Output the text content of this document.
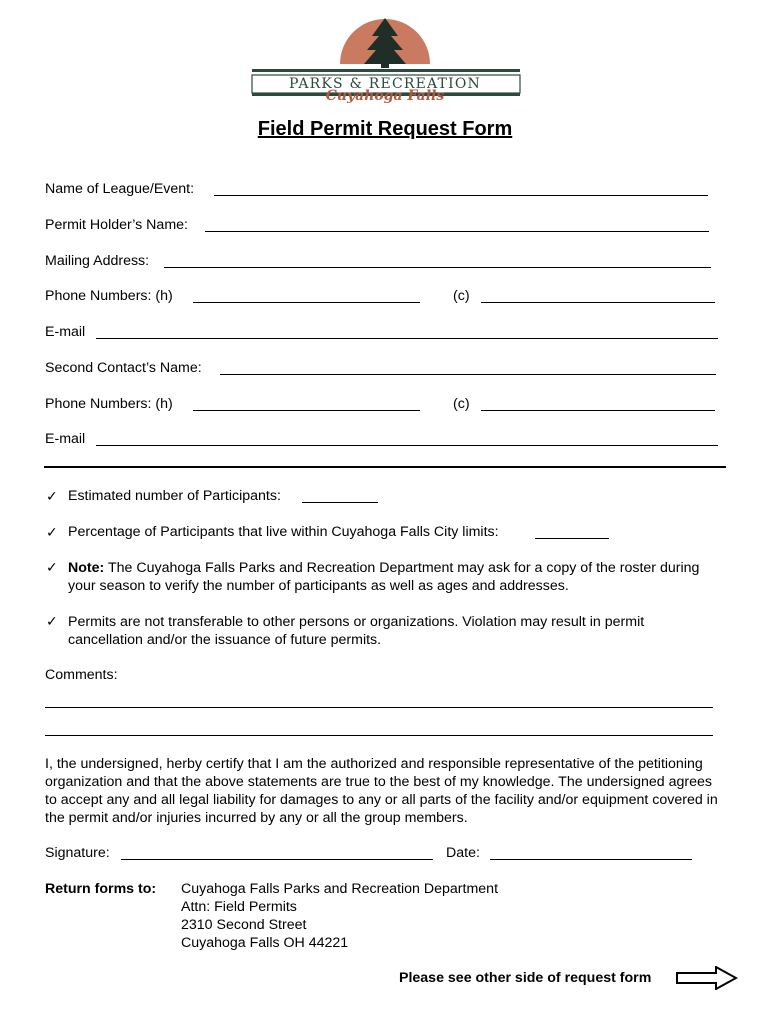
PARKS & RECREATION
Cuyahoga Falls
Field Permit Request Form
Name of League/Event:
Permit Holder’s Name:
Mailing Address:
Phone Numbers: (h)	(c)
E-mail
Second Contact’s Name:
Phone Numbers: (h)	(c)
E-mail
✓ Estimated number of Participants:
✓ Percentage of Participants that live within Cuyahoga Falls City limits:
✓ Note: The Cuyahoga Falls Parks and Recreation Department may ask for a copy of the roster during your season to verify the number of participants as well as ages and addresses.
✓ Permits are not transferable to other persons or organizations. Violation may result in permit cancellation and/or the issuance of future permits.
Comments:
I, the undersigned, herby certify that I am the authorized and responsible representative of the petitioning organization and that the above statements are true to the best of my knowledge. The undersigned agrees to accept any and all legal liability for damages to any or all parts of the facility and/or equipment covered in the permit and/or injuries incurred by any or all the group members.
Signature:	Date:
Return forms to: Cuyahoga Falls Parks and Recreation Department
Attn: Field Permits
2310 Second Street
Cuyahoga Falls OH 44221
Please see other side of request form
